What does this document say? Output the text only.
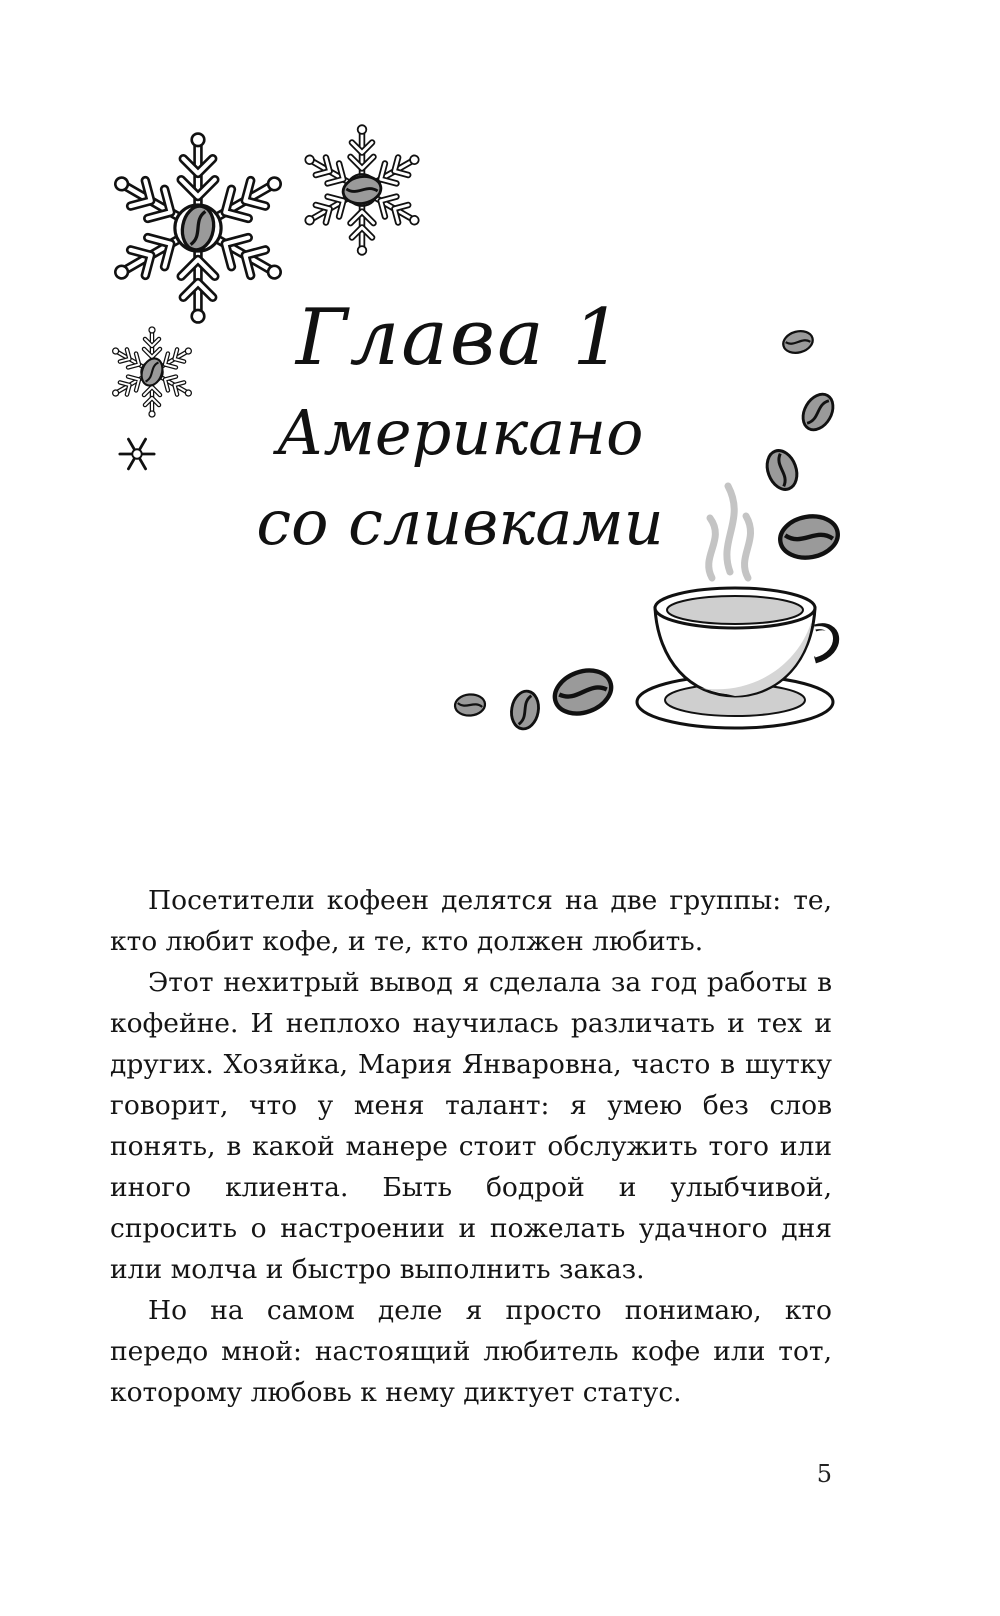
Глава 1
Американо
со сливками

Посетители кофеен делятся на две группы: те, кто любит кофе, и те, кто должен любить.

Этот нехитрый вывод я сделала за год работы в кофейне. И неплохо научилась различать и тех и других. Хозяйка, Мария Январовна, часто в шутку говорит, что у меня талант: я умею без слов понять, в какой манере стоит обслужить того или иного клиента. Быть бодрой и улыбчивой, спросить о настроении и пожелать удачного дня или молча и быстро выполнить заказ.

Но на самом деле я просто понимаю, кто передо мной: настоящий любитель кофе или тот, которому любовь к нему диктует статус.

5
